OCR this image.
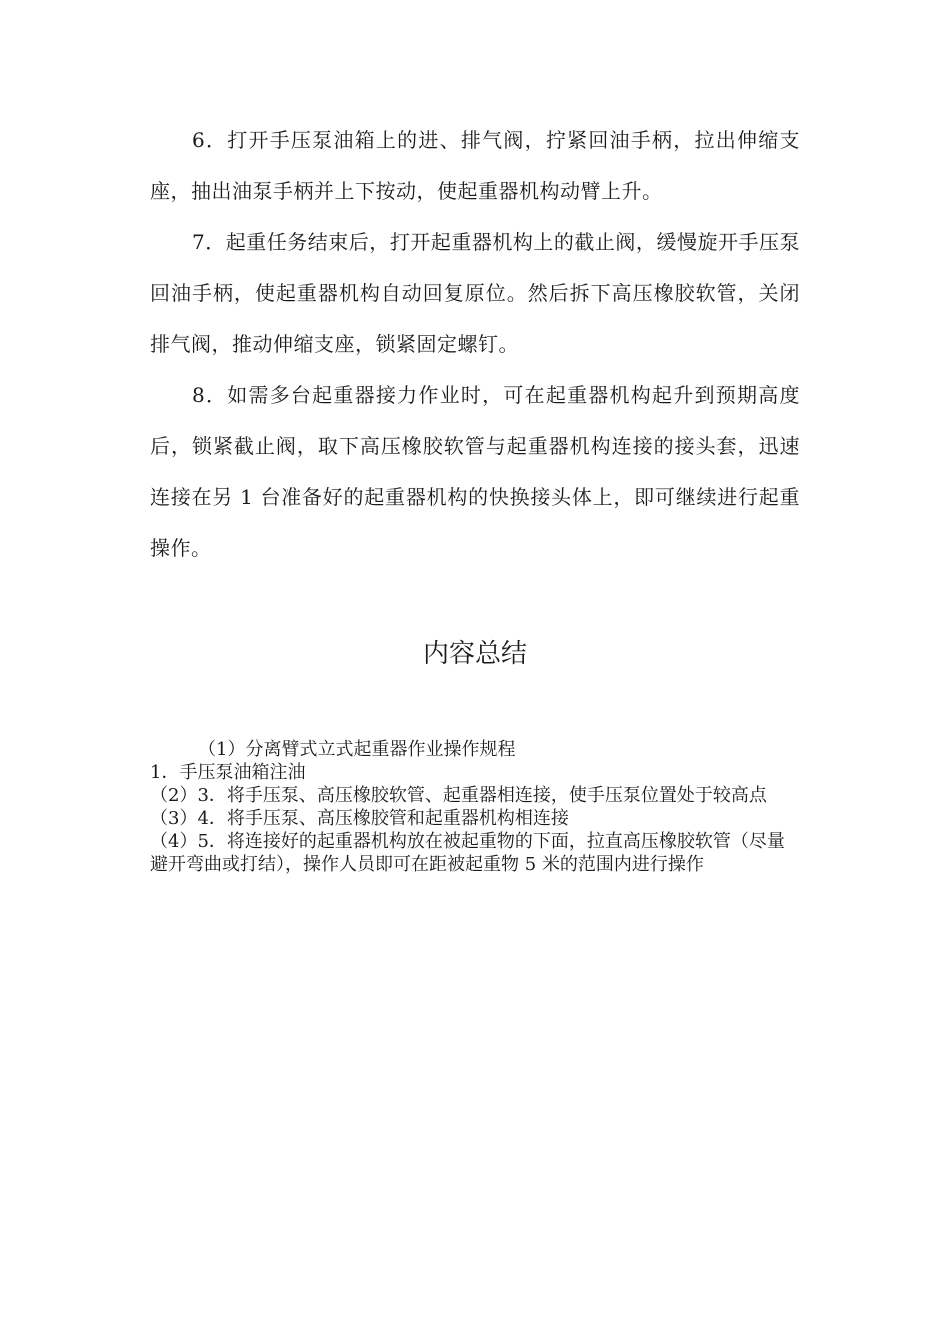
6．打开手压泵油箱上的进、排气阀，拧紧回油手柄，拉出伸缩支座，抽出油泵手柄并上下按动，使起重器机构动臂上升。

7．起重任务结束后，打开起重器机构上的截止阀，缓慢旋开手压泵回油手柄，使起重器机构自动回复原位。然后拆下高压橡胶软管，关闭排气阀，推动伸缩支座，锁紧固定螺钉。

8．如需多台起重器接力作业时，可在起重器机构起升到预期高度后，锁紧截止阀，取下高压橡胶软管与起重器机构连接的接头套，迅速连接在另 1 台准备好的起重器机构的快换接头体上，即可继续进行起重操作。

内容总结

（1）分离臂式立式起重器作业操作规程

1．手压泵油箱注油

（2）3．将手压泵、高压橡胶软管、起重器相连接，使手压泵位置处于较高点

（3）4．将手压泵、高压橡胶管和起重器机构相连接

（4）5．将连接好的起重器机构放在被起重物的下面，拉直高压橡胶软管（尽量避开弯曲或打结），操作人员即可在距被起重物 5 米的范围内进行操作
